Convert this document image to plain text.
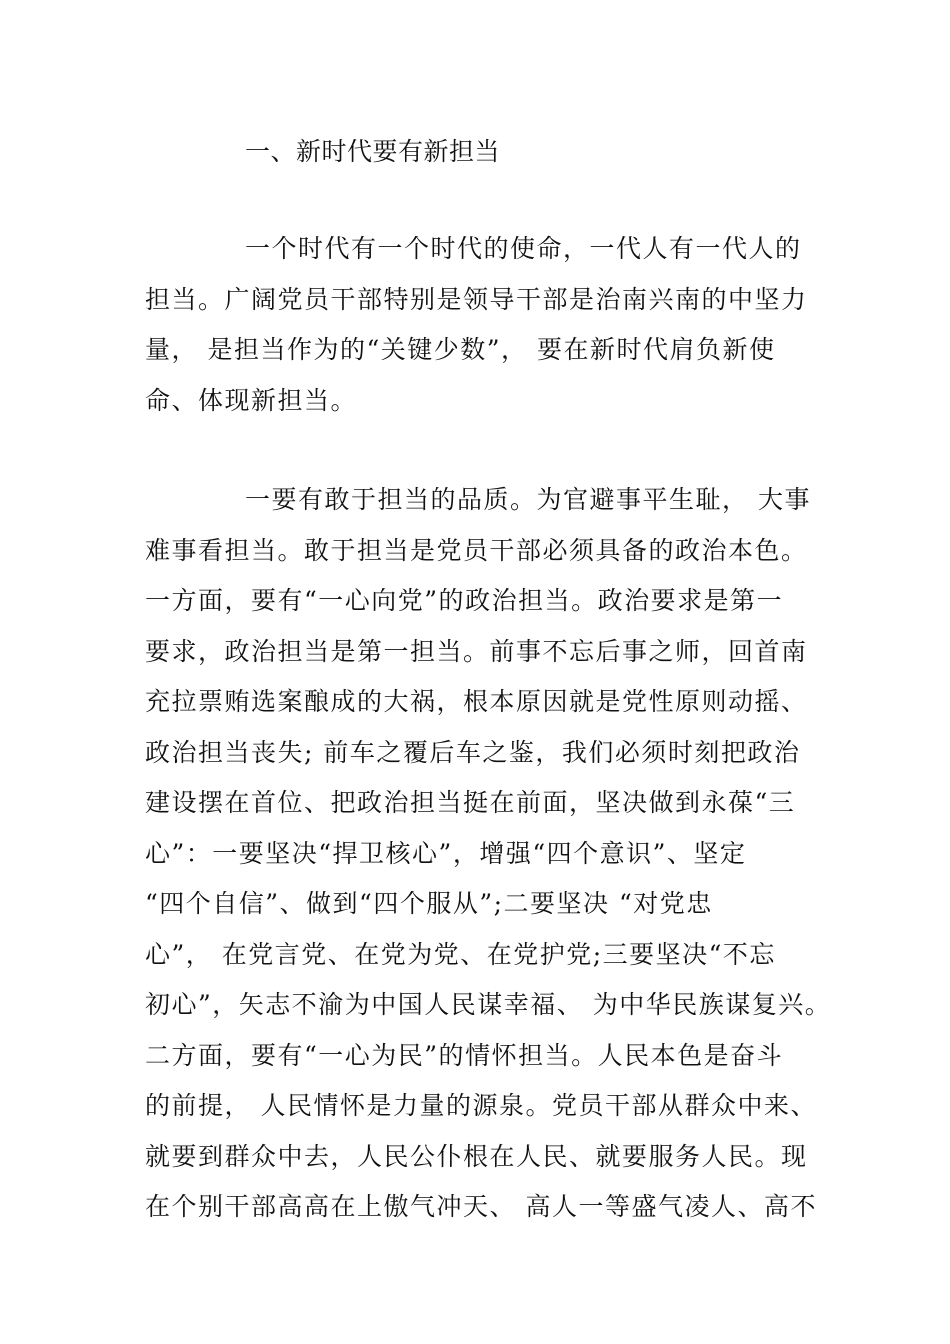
一、新时代要有新担当
一个时代有一个时代的使命，一代人有一代人的
担当。广阔党员干部特别是领导干部是治南兴南的中坚力
量， 是担当作为的“关键少数”， 要在新时代肩负新使
命、体现新担当。
一要有敢于担当的品质。为官避事平生耻， 大事
难事看担当。敢于担当是党员干部必须具备的政治本色。
一方面，要有“一心向党”的政治担当。政治要求是第一
要求，政治担当是第一担当。前事不忘后事之师，回首南
充拉票贿选案酿成的大祸，根本原因就是党性原则动摇、
政治担当丧失; 前车之覆后车之鉴，我们必须时刻把政治
建设摆在首位、把政治担当挺在前面，坚决做到永葆“三
心”：一要坚决“捍卫核心”，增强“四个意识”、坚定
“四个自信”、做到“四个服从”;二要坚决 “对党忠
心”， 在党言党、在党为党、在党护党;三要坚决“不忘
初心”，矢志不渝为中国人民谋幸福、 为中华民族谋复兴。
二方面，要有“一心为民”的情怀担当。人民本色是奋斗
的前提， 人民情怀是力量的源泉。党员干部从群众中来、
就要到群众中去，人民公仆根在人民、就要服务人民。现
在个别干部高高在上傲气冲天、 高人一等盛气凌人、高不
